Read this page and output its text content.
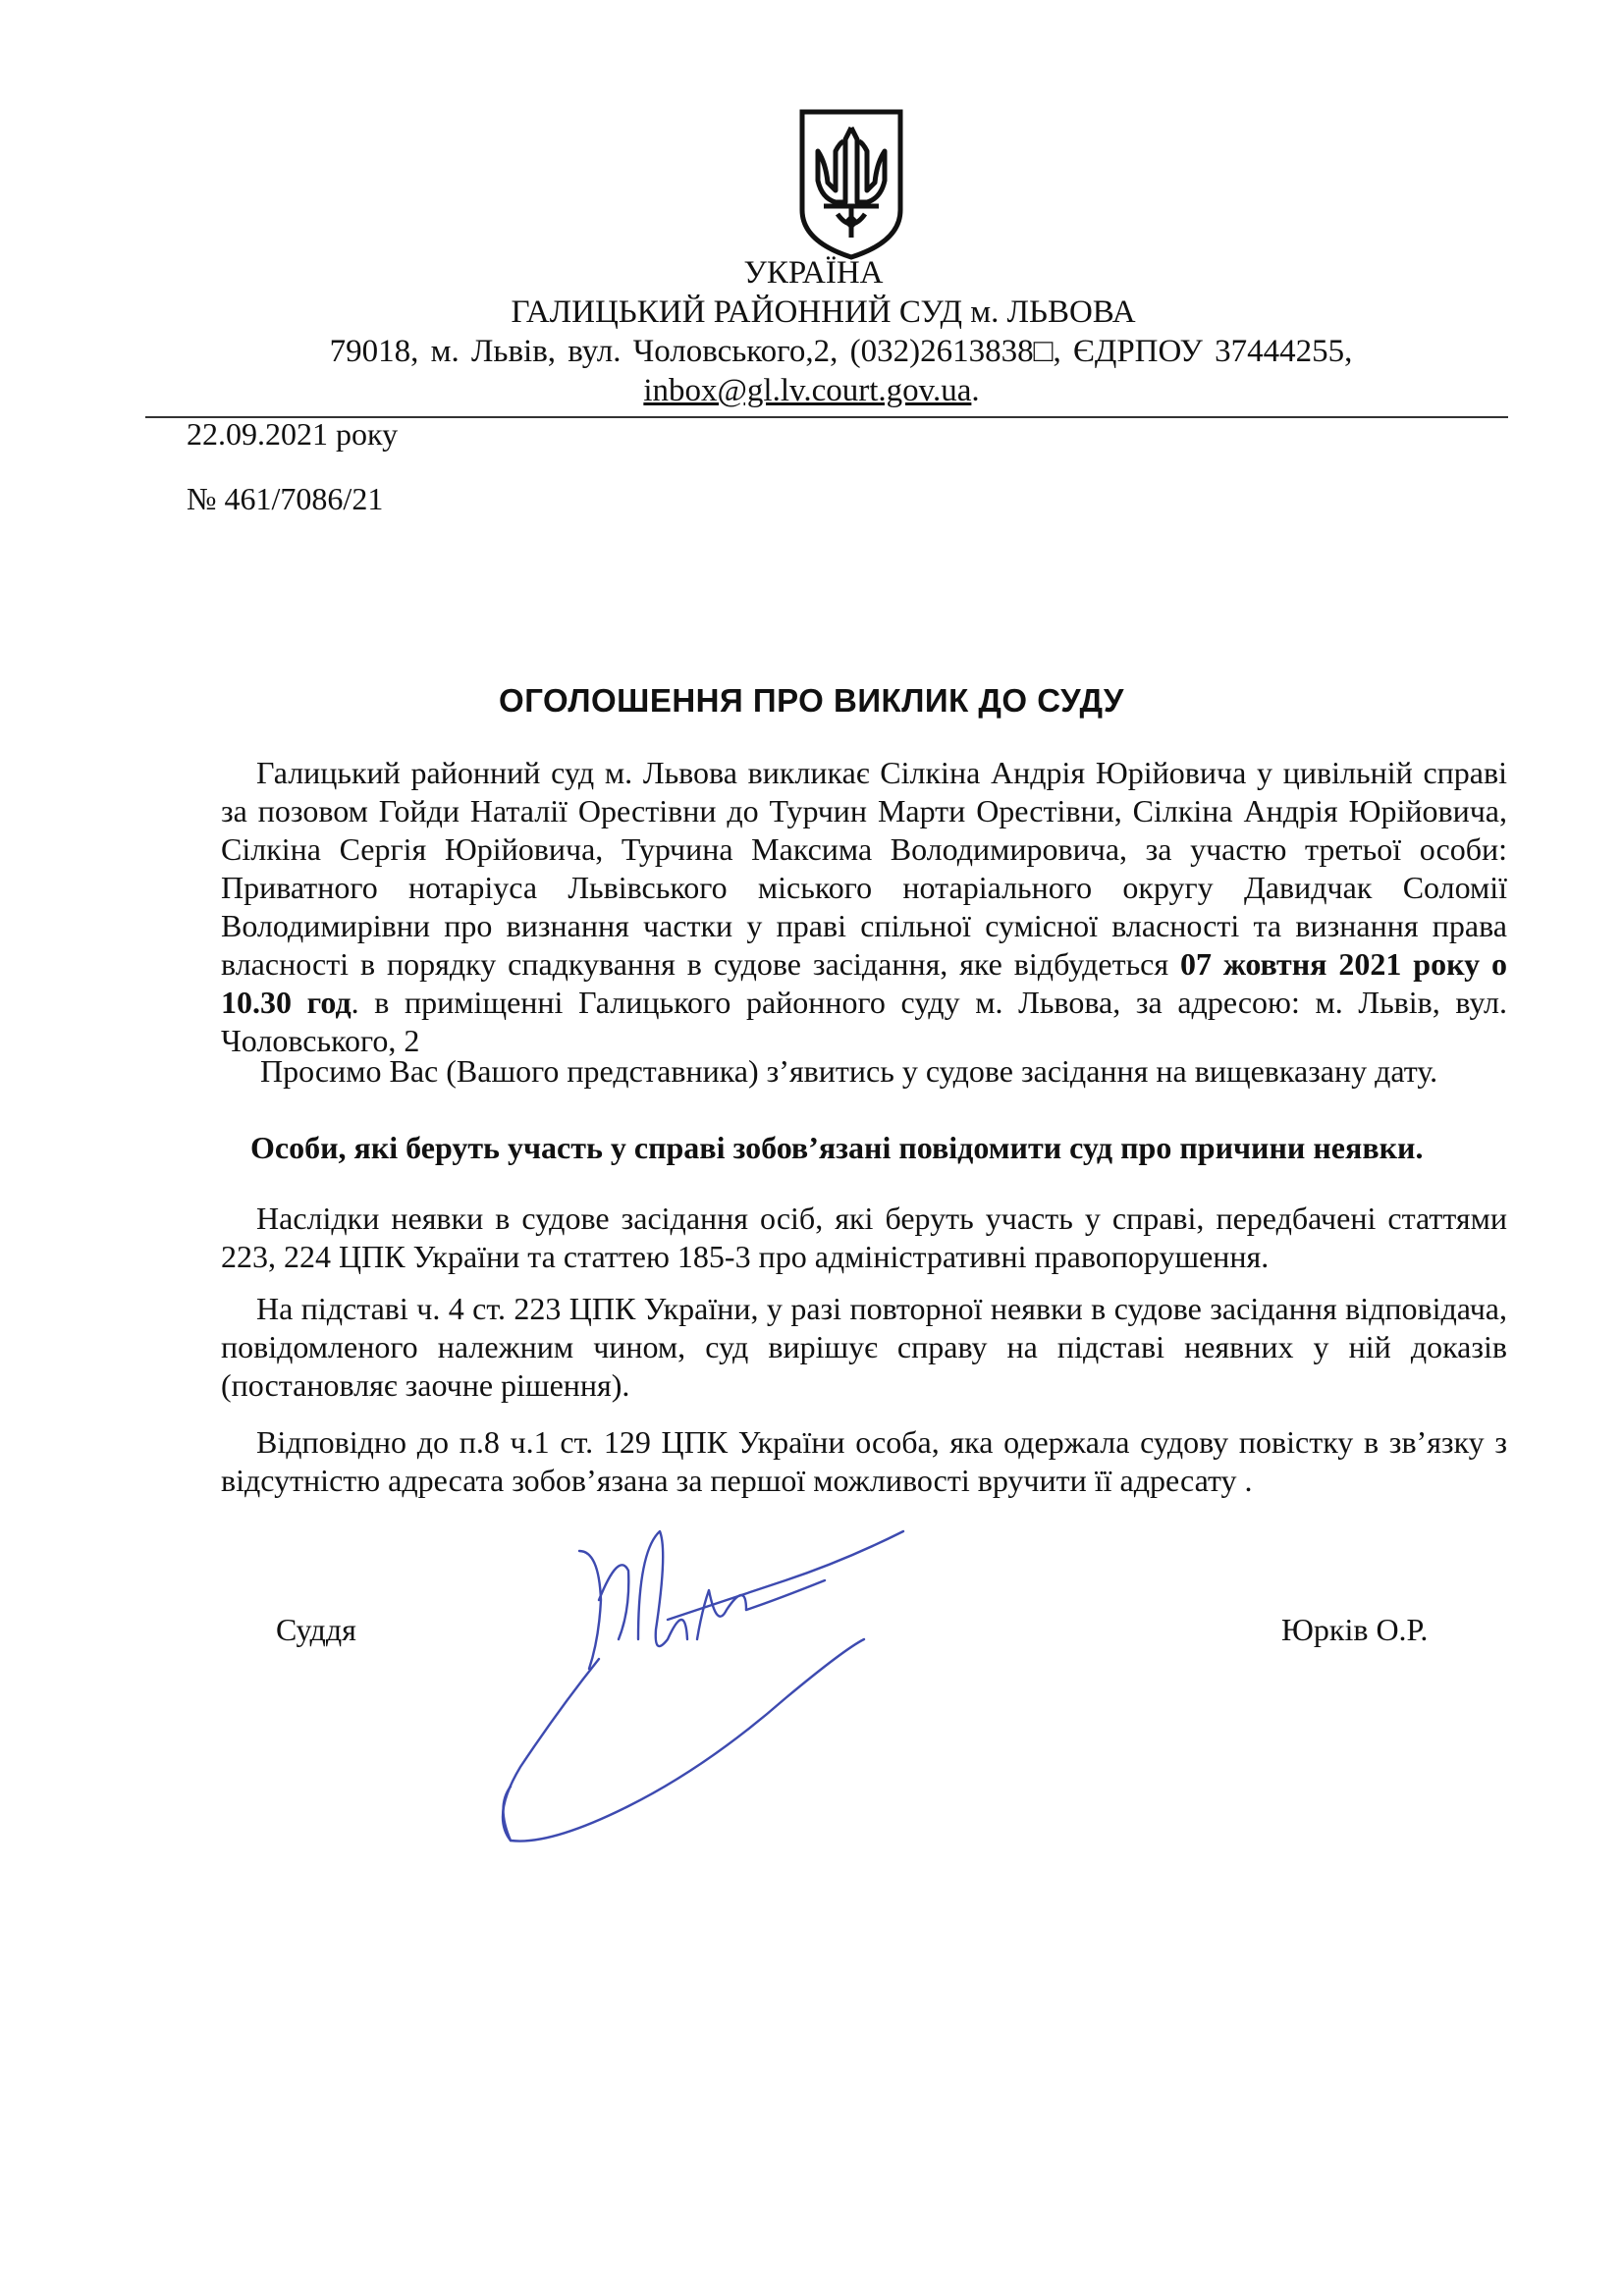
УКРАЇНА
ГАЛИЦЬКИЙ РАЙОННИЙ СУД м. ЛЬВОВА
79018, м. Львів, вул. Чоловського,2, (032)2613838□, ЄДРПОУ 37444255,
inbox@gl.lv.court.gov.ua.
22.09.2021 року
№ 461/7086/21
ОГОЛОШЕННЯ ПРО ВИКЛИК ДО СУДУ
Галицький районний суд м. Львова викликає Сілкіна Андрія Юрійовича у цивільній справі за позовом Гойди Наталії Орестівни до Турчин Марти Орестівни, Сілкіна Андрія Юрійовича, Сілкіна Сергія Юрійовича, Турчина Максима Володимировича, за участю третьої особи: Приватного нотаріуса Львівського міського нотаріального округу Давидчак Соломії Володимирівни про визнання частки у праві спільної сумісної власності та визнання права власності в порядку спадкування в судове засідання, яке відбудеться 07 жовтня 2021 року о 10.30 год. в приміщенні Галицького районного суду м. Львова, за адресою: м. Львів, вул. Чоловського, 2
Просимо Вас (Вашого представника) з’явитись у судове засідання на вищевказану дату.
Особи, які беруть участь у справі зобов’язані повідомити суд про причини неявки.
Наслідки неявки в судове засідання осіб, які беруть участь у справі, передбачені статтями 223, 224 ЦПК України та статтею 185-3 про адміністративні правопорушення.
На підставі ч. 4 ст. 223 ЦПК України, у разі повторної неявки в судове засідання відповідача, повідомленого належним чином, суд вирішує справу на підставі неявних у ній доказів (постановляє заочне рішення).
Відповідно до п.8 ч.1 ст. 129 ЦПК України особа, яка одержала судову повістку в зв’язку з відсутністю адресата зобов’язана за першої можливості вручити її адресату .
Суддя	Юрків О.Р.
